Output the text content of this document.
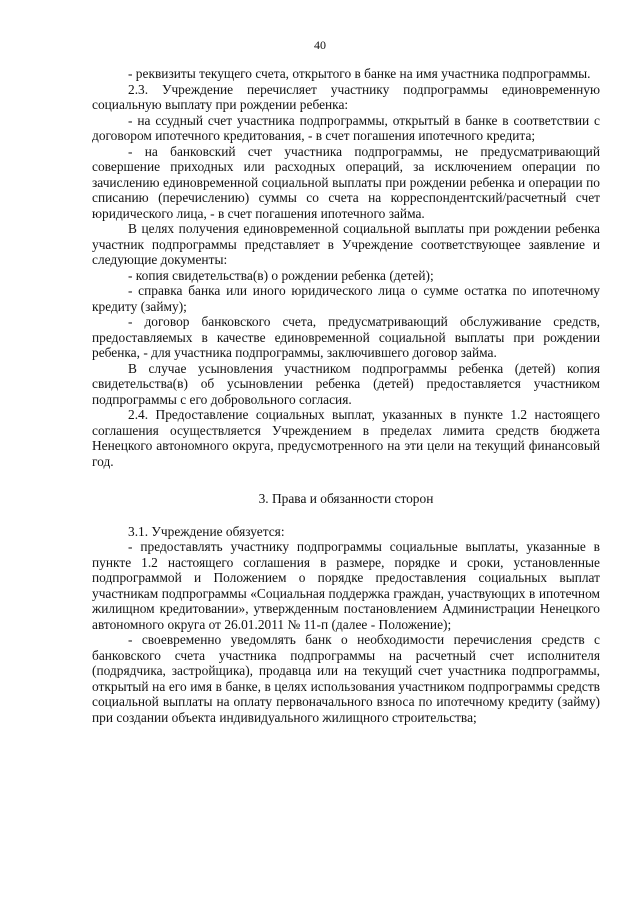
40

- реквизиты текущего счета, открытого в банке на имя участника подпрограммы.

2.3. Учреждение перечисляет участнику подпрограммы единовременную социальную выплату при рождении ребенка:

- на ссудный счет участника подпрограммы, открытый в банке в соответствии с договором ипотечного кредитования, - в счет погашения ипотечного кредита;

- на банковский счет участника подпрограммы, не предусматривающий совершение приходных или расходных операций, за исключением операции по зачислению единовременной социальной выплаты при рождении ребенка и операции по списанию (перечислению) суммы со счета на корреспондентский/расчетный счет юридического лица, - в счет погашения ипотечного займа.

В целях получения единовременной социальной выплаты при рождении ребенка участник подпрограммы представляет в Учреждение соответствующее заявление и следующие документы:

- копия свидетельства(в) о рождении ребенка (детей);

- справка банка или иного юридического лица о сумме остатка по ипотечному кредиту (займу);

- договор банковского счета, предусматривающий обслуживание средств, предоставляемых в качестве единовременной социальной выплаты при рождении ребенка, - для участника подпрограммы, заключившего договор займа.

В случае усыновления участником подпрограммы ребенка (детей) копия свидетельства(в) об усыновлении ребенка (детей) предоставляется участником подпрограммы с его добровольного согласия.

2.4. Предоставление социальных выплат, указанных в пункте 1.2 настоящего соглашения осуществляется Учреждением в пределах лимита средств бюджета Ненецкого автономного округа, предусмотренного на эти цели на текущий финансовый год.

3. Права и обязанности сторон

3.1. Учреждение обязуется:

- предоставлять участнику подпрограммы социальные выплаты, указанные в пункте 1.2 настоящего соглашения в размере, порядке и сроки, установленные подпрограммой и Положением о порядке предоставления социальных выплат участникам подпрограммы «Социальная поддержка граждан, участвующих в ипотечном жилищном кредитовании», утвержденным постановлением Администрации Ненецкого автономного округа от 26.01.2011 № 11-п (далее - Положение);

- своевременно уведомлять банк о необходимости перечисления средств с банковского счета участника подпрограммы на расчетный счет исполнителя (подрядчика, застройщика), продавца или на текущий счет участника подпрограммы, открытый на его имя в банке, в целях использования участником подпрограммы средств социальной выплаты на оплату первоначального взноса по ипотечному кредиту (займу) при создании объекта индивидуального жилищного строительства;
